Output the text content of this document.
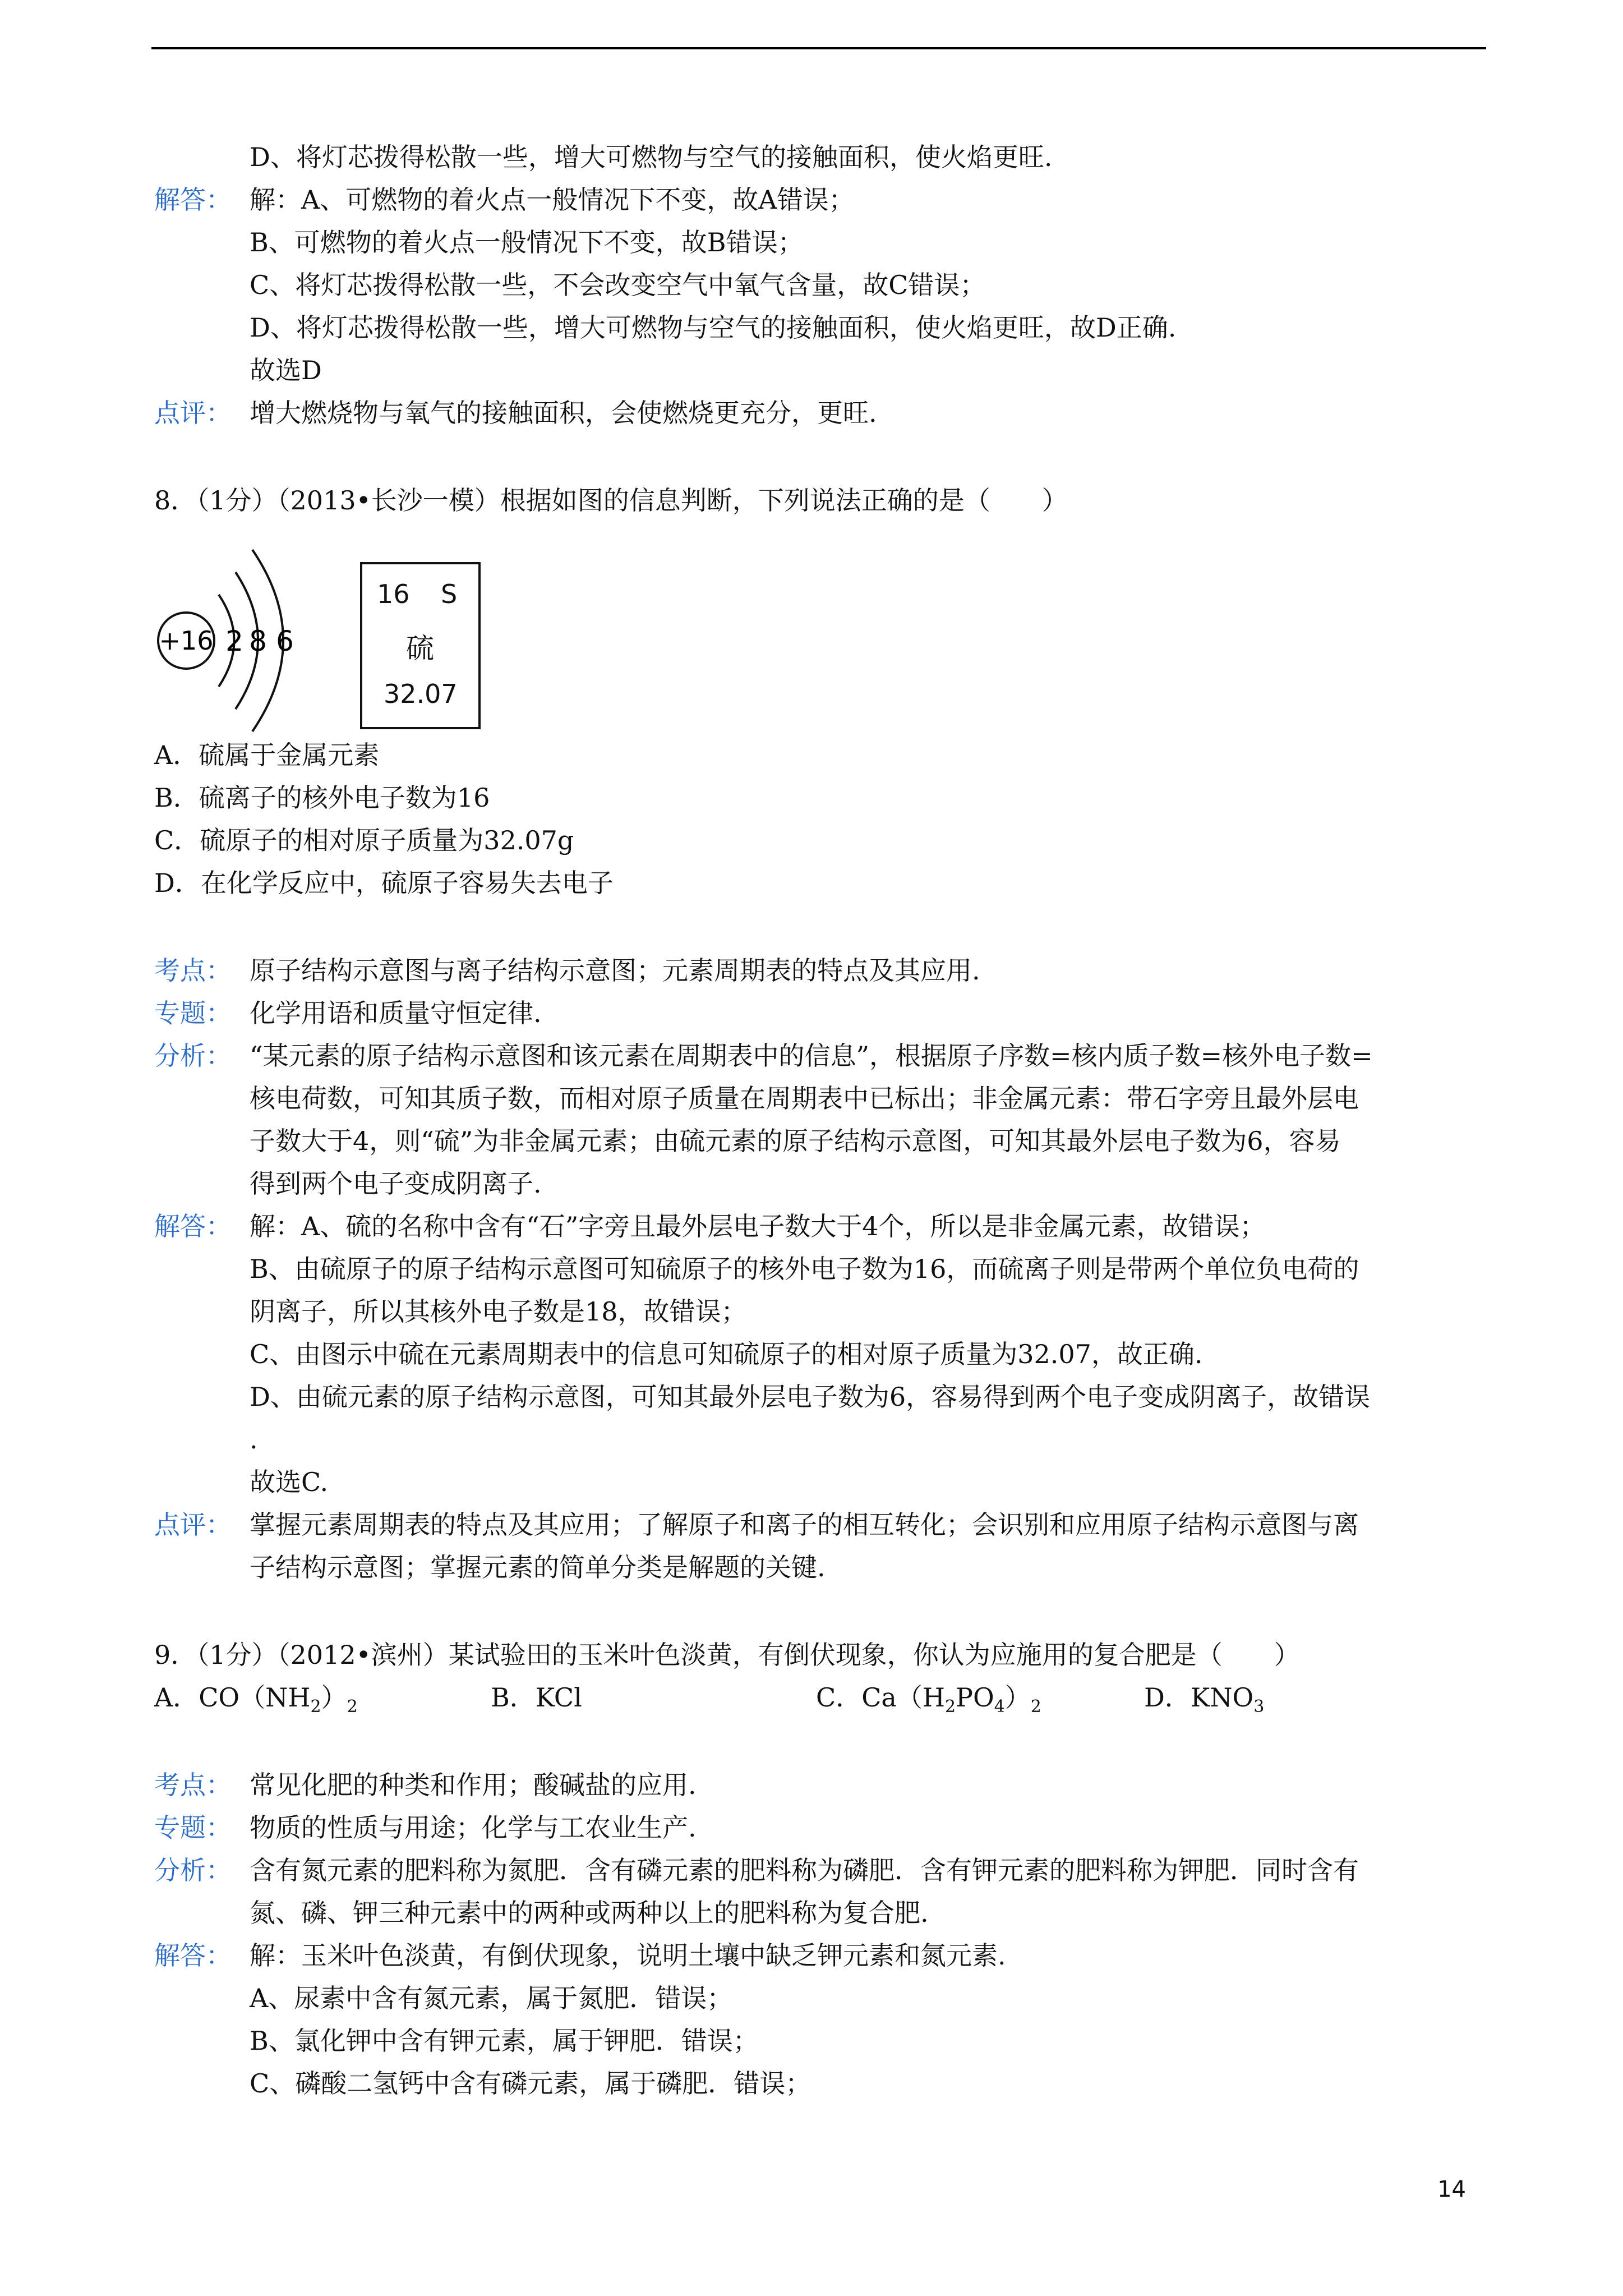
D、将灯芯拨得松散一些，增大可燃物与空气的接触面积，使火焰更旺.
解答： 解：A、可燃物的着火点一般情况下不变，故A错误；
B、可燃物的着火点一般情况下不变，故B错误；
C、将灯芯拨得松散一些，不会改变空气中氧气含量，故C错误；
D、将灯芯拨得松散一些，增大可燃物与空气的接触面积，使火焰更旺，故D正确.
故选D
点评： 增大燃烧物与氧气的接触面积，会使燃烧更充分，更旺.
8．（1分）（2013•长沙一模）根据如图的信息判断，下列说法正确的是（　　）
A．硫属于金属元素
B．硫离子的核外电子数为16
C．硫原子的相对原子质量为32.07g
D．在化学反应中，硫原子容易失去电子
考点： 原子结构示意图与离子结构示意图；元素周期表的特点及其应用.
专题： 化学用语和质量守恒定律.
分析： “某元素的原子结构示意图和该元素在周期表中的信息”，根据原子序数=核内质子数=核外电子数=
核电荷数，可知其质子数，而相对原子质量在周期表中已标出；非金属元素：带石字旁且最外层电
子数大于4，则“硫”为非金属元素；由硫元素的原子结构示意图，可知其最外层电子数为6，容易
得到两个电子变成阴离子.
解答： 解：A、硫的名称中含有“石”字旁且最外层电子数大于4个，所以是非金属元素，故错误；
B、由硫原子的原子结构示意图可知硫原子的核外电子数为16，而硫离子则是带两个单位负电荷的
阴离子，所以其核外电子数是18，故错误；
C、由图示中硫在元素周期表中的信息可知硫原子的相对原子质量为32.07，故正确.
D、由硫元素的原子结构示意图，可知其最外层电子数为6，容易得到两个电子变成阴离子，故错误
.
故选C.
点评： 掌握元素周期表的特点及其应用；了解原子和离子的相互转化；会识别和应用原子结构示意图与离
子结构示意图；掌握元素的简单分类是解题的关键.
9．（1分）（2012•滨州）某试验田的玉米叶色淡黄，有倒伏现象，你认为应施用的复合肥是（　　）
A．$CO(NH_2)_2$	B．KCl	C．$Ca(H_2PO_4)_2$	D．$KNO_3$
考点： 常见化肥的种类和作用；酸碱盐的应用.
专题： 物质的性质与用途；化学与工农业生产.
分析： 含有氮元素的肥料称为氮肥．含有磷元素的肥料称为磷肥．含有钾元素的肥料称为钾肥．同时含有
氮、磷、钾三种元素中的两种或两种以上的肥料称为复合肥.
解答： 解：玉米叶色淡黄，有倒伏现象，说明土壤中缺乏钾元素和氮元素.
A、尿素中含有氮元素，属于氮肥．错误；
B、氯化钾中含有钾元素，属于钾肥．错误；
C、磷酸二氢钙中含有磷元素，属于磷肥．错误；
+16 2 8 6
16 S
硫
32.07
14
